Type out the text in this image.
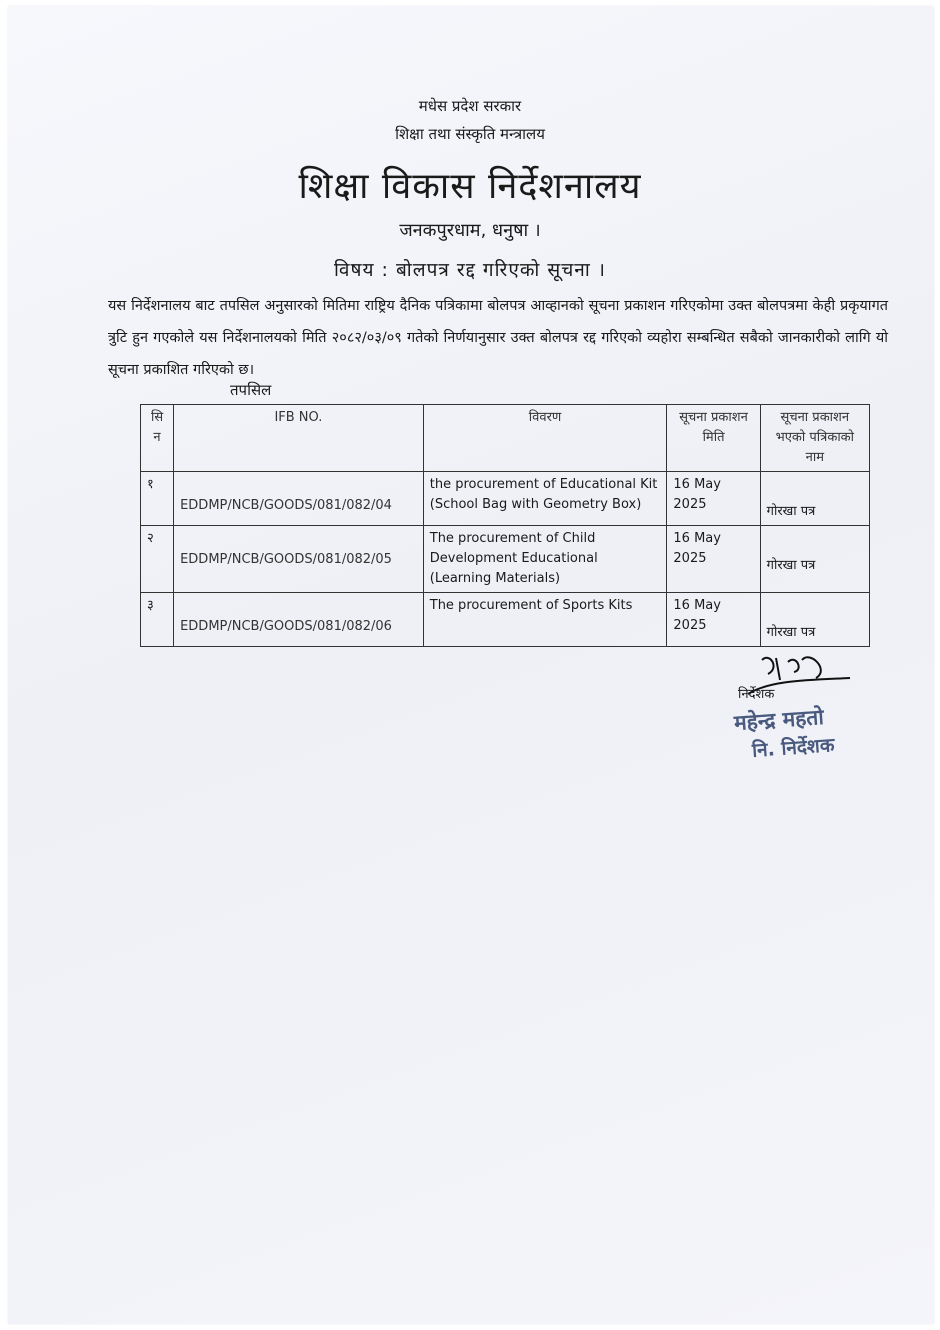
मधेस प्रदेश सरकार
शिक्षा तथा संस्कृति मन्त्रालय
शिक्षा विकास निर्देशनालय
जनकपुरधाम, धनुषा ।
विषय : बोलपत्र रद्द गरिएको सूचना ।
यस निर्देशनालय बाट तपसिल अनुसारको मितिमा राष्ट्रिय दैनिक पत्रिकामा बोलपत्र आव्हानको सूचना प्रकाशन गरिएकोमा उक्त बोलपत्रमा केही प्रकृयागत त्रुटि हुन गएकोले यस निर्देशनालयको मिति २०८२/०३/०९ गतेको निर्णयानुसार उक्त बोलपत्र रद्द गरिएको व्यहोरा सम्बन्धित सबैको जानकारीको लागि यो सूचना प्रकाशित गरिएको छ।
तपसिल
सि न	IFB NO.	विवरण	सूचना प्रकाशन मिति	सूचना प्रकाशन भएको पत्रिकाको नाम
१	EDDMP/NCB/GOODS/081/082/04	the procurement of Educational Kit (School Bag with Geometry Box)	16 May 2025	गोरखा पत्र
२	EDDMP/NCB/GOODS/081/082/05	The procurement of Child Development Educational (Learning Materials)	16 May 2025	गोरखा पत्र
३	EDDMP/NCB/GOODS/081/082/06	The procurement of Sports Kits	16 May 2025	गोरखा पत्र
निर्देशक
महेन्द्र महतो
नि. निर्देशक
